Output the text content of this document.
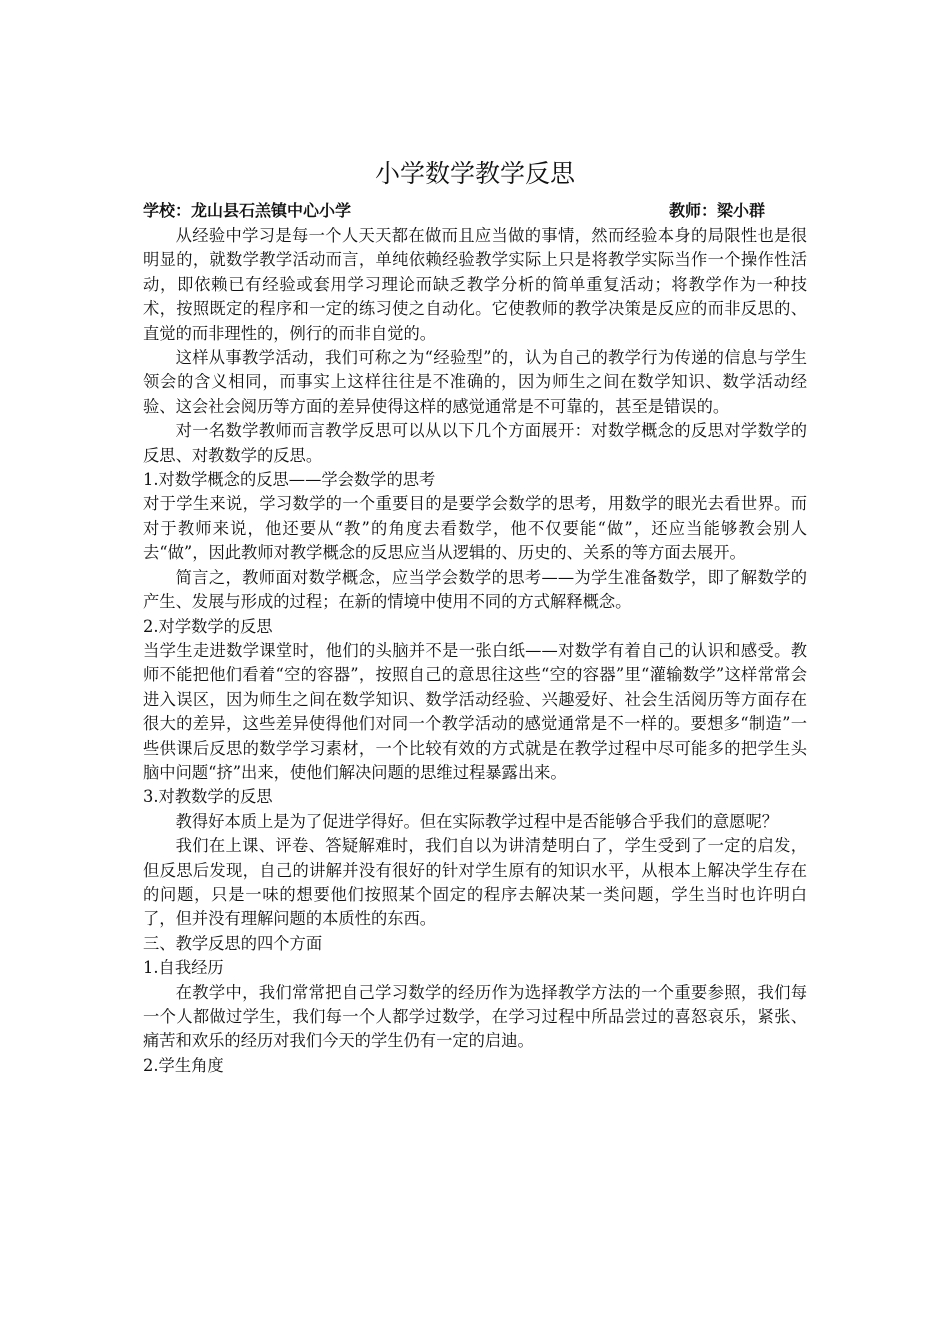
小学数学教学反思
学校：龙山县石羔镇中心小学	教师：梁小群

从经验中学习是每一个人天天都在做而且应当做的事情，然而经验本身的局限性也是很明显的，就数学教学活动而言，单纯依赖经验教学实际上只是将教学实际当作一个操作性活动，即依赖已有经验或套用学习理论而缺乏教学分析的简单重复活动；将教学作为一种技术，按照既定的程序和一定的练习使之自动化。它使教师的教学决策是反应的而非反思的、直觉的而非理性的，例行的而非自觉的。

这样从事教学活动，我们可称之为“经验型”的，认为自己的教学行为传递的信息与学生领会的含义相同，而事实上这样往往是不准确的，因为师生之间在数学知识、数学活动经验、这会社会阅历等方面的差异使得这样的感觉通常是不可靠的，甚至是错误的。

对一名数学教师而言教学反思可以从以下几个方面展开：对数学概念的反思对学数学的反思、对教数学的反思。

1.对数学概念的反思——学会数学的思考

对于学生来说，学习数学的一个重要目的是要学会数学的思考，用数学的眼光去看世界。而对于教师来说，他还要从“教”的角度去看数学，他不仅要能“做”，还应当能够教会别人去“做”，因此教师对教学概念的反思应当从逻辑的、历史的、关系的等方面去展开。

简言之，教师面对数学概念，应当学会数学的思考——为学生准备数学，即了解数学的产生、发展与形成的过程；在新的情境中使用不同的方式解释概念。

2.对学数学的反思

当学生走进数学课堂时，他们的头脑并不是一张白纸——对数学有着自己的认识和感受。教师不能把他们看着“空的容器”，按照自己的意思往这些“空的容器”里“灌输数学”这样常常会进入误区，因为师生之间在数学知识、数学活动经验、兴趣爱好、社会生活阅历等方面存在很大的差异，这些差异使得他们对同一个教学活动的感觉通常是不一样的。要想多“制造”一些供课后反思的数学学习素材，一个比较有效的方式就是在教学过程中尽可能多的把学生头脑中问题“挤”出来，使他们解决问题的思维过程暴露出来。

3.对教数学的反思

教得好本质上是为了促进学得好。但在实际教学过程中是否能够合乎我们的意愿呢？

我们在上课、评卷、答疑解难时，我们自以为讲清楚明白了，学生受到了一定的启发，但反思后发现，自己的讲解并没有很好的针对学生原有的知识水平，从根本上解决学生存在的问题，只是一味的想要他们按照某个固定的程序去解决某一类问题，学生当时也许明白了，但并没有理解问题的本质性的东西。

三、教学反思的四个方面

1.自我经历

在教学中，我们常常把自己学习数学的经历作为选择教学方法的一个重要参照，我们每一个人都做过学生，我们每一个人都学过数学，在学习过程中所品尝过的喜怒哀乐，紧张、痛苦和欢乐的经历对我们今天的学生仍有一定的启迪。

2.学生角度
